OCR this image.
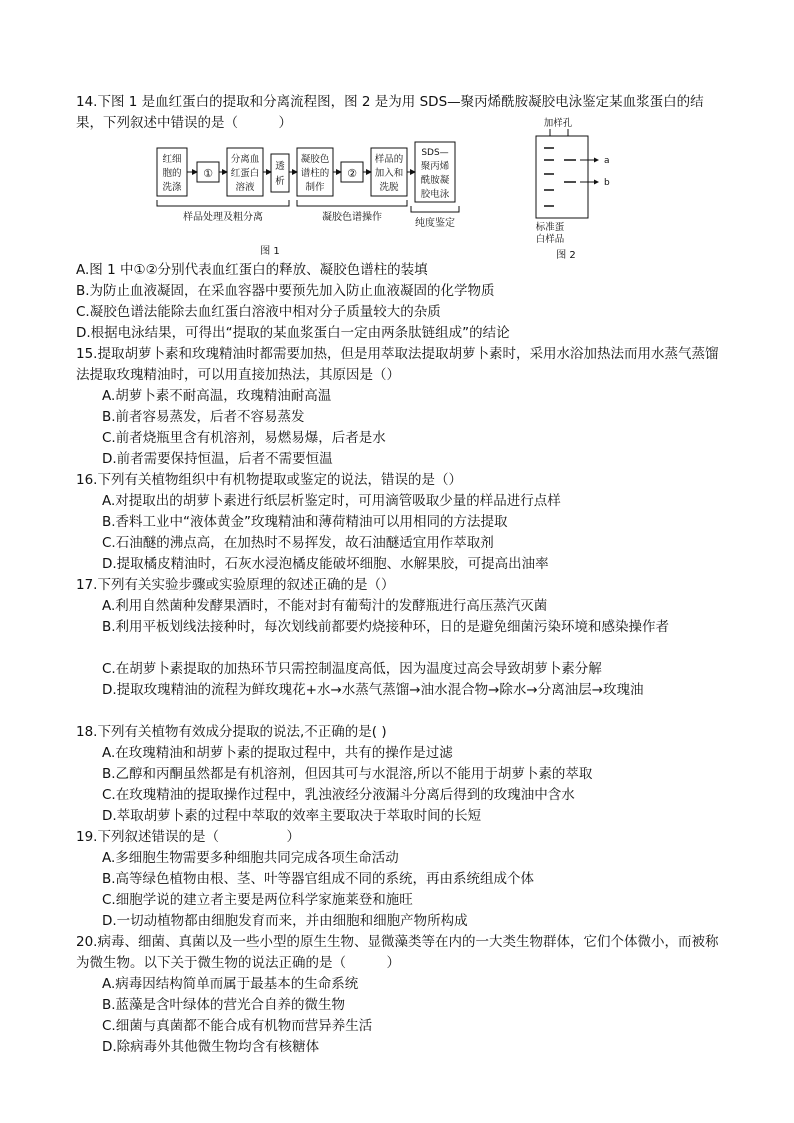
14.下图 1 是血红蛋白的提取和分离流程图，图 2 是为用 SDS—聚丙烯酰胺凝胶电泳鉴定某血浆蛋白的结果，下列叙述中错误的是（　　　）

红细
胞的
洗涤
①
分离血
红蛋白
溶液
透
析
凝胶色
谱柱的
制作
②
样品的
加入和
洗脱
SDS—
聚丙烯
酰胺凝
胶电泳
样品处理及粗分离	凝胶色谱操作
纯度鉴定
图 1
加样孔
a
b
标准蛋
白样品
图 2

A.图 1 中①②分别代表血红蛋白的释放、凝胶色谱柱的装填

B.为防止血液凝固，在采血容器中要预先加入防止血液凝固的化学物质

C.凝胶色谱法能除去血红蛋白溶液中相对分子质量较大的杂质

D.根据电泳结果，可得出“提取的某血浆蛋白一定由两条肽链组成”的结论

15.提取胡萝卜素和玫瑰精油时都需要加热，但是用萃取法提取胡萝卜素时，采用水浴加热法而用水蒸气蒸馏法提取玫瑰精油时，可以用直接加热法，其原因是（）

A.胡萝卜素不耐高温，玫瑰精油耐高温

B.前者容易蒸发，后者不容易蒸发

C.前者烧瓶里含有机溶剂，易燃易爆，后者是水

D.前者需要保持恒温，后者不需要恒温

16.下列有关植物组织中有机物提取或鉴定的说法，错误的是（）

A.对提取出的胡萝卜素进行纸层析鉴定时，可用滴管吸取少量的样品进行点样

B.香料工业中“液体黄金”玫瑰精油和薄荷精油可以用相同的方法提取

C.石油醚的沸点高，在加热时不易挥发，故石油醚适宜用作萃取剂

D.提取橘皮精油时，石灰水浸泡橘皮能破坏细胞、水解果胶，可提高出油率

17.下列有关实验步骤或实验原理的叙述正确的是（）

A.利用自然菌种发酵果酒时，不能对封有葡萄汁的发酵瓶进行高压蒸汽灭菌

B.利用平板划线法接种时，每次划线前都要灼烧接种环，日的是避免细菌污染环境和感染操作者

C.在胡萝卜素提取的加热环节只需控制温度高低，因为温度过高会导致胡萝卜素分解

D.提取玫瑰精油的流程为鲜玫瑰花+水→水蒸气蒸馏→油水混合物→除水→分离油层→玫瑰油

18.下列有关植物有效成分提取的说法,不正确的是( )

A.在玫瑰精油和胡萝卜素的提取过程中，共有的操作是过滤

B.乙醇和丙酮虽然都是有机溶剂，但因其可与水混溶,所以不能用于胡萝卜素的萃取

C.在玫瑰精油的提取操作过程中，乳浊液经分液漏斗分离后得到的玫瑰油中含水

D.萃取胡萝卜素的过程中萃取的效率主要取决于萃取时间的长短

19.下列叙述错误的是（　　　　　）

A.多细胞生物需要多种细胞共同完成各项生命活动

B.高等绿色植物由根、茎、叶等器官组成不同的系统，再由系统组成个体

C.细胞学说的建立者主要是两位科学家施莱登和施旺

D.一切动植物都由细胞发育而来，并由细胞和细胞产物所构成

20.病毒、细菌、真菌以及一些小型的原生生物、显微藻类等在内的一大类生物群体，它们个体微小，而被称为微生物。以下关于微生物的说法正确的是（　　　）

A.病毒因结构简单而属于最基本的生命系统

B.蓝藻是含叶绿体的营光合自养的微生物

C.细菌与真菌都不能合成有机物而营异养生活

D.除病毒外其他微生物均含有核糖体
